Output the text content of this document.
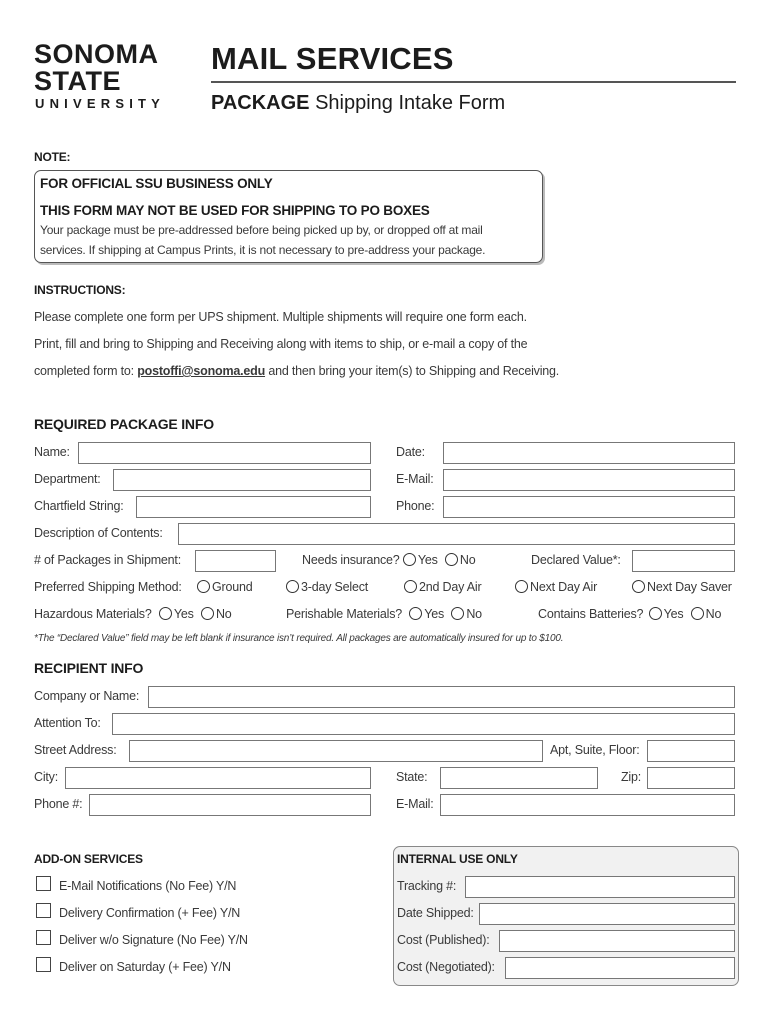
SONOMA
STATE
UNIVERSITY
MAIL SERVICES
PACKAGE Shipping Intake Form
NOTE:
FOR OFFICIAL SSU BUSINESS ONLY
THIS FORM MAY NOT BE USED FOR SHIPPING TO PO BOXES
Your package must be pre-addressed before being picked up by, or dropped off at mail
services. If shipping at Campus Prints, it is not necessary to pre-address your package.
INSTRUCTIONS:
Please complete one form per UPS shipment. Multiple shipments will require one form each.
Print, fill and bring to Shipping and Receiving along with items to ship, or e-mail a copy of the
completed form to: postoffi@sonoma.edu and then bring your item(s) to Shipping and Receiving.
REQUIRED PACKAGE INFO
Name:	Date:
Department:	E-Mail:
Chartfield String:	Phone:
Description of Contents:
# of Packages in Shipment:	Needs insurance? Yes No	Declared Value*:
Preferred Shipping Method:	Ground	3-day Select	2nd Day Air	Next Day Air	Next Day Saver
Hazardous Materials? Yes No	Perishable Materials? Yes No	Contains Batteries? Yes No
*The “Declared Value” field may be left blank if insurance isn’t required. All packages are automatically insured for up to $100.
RECIPIENT INFO
Company or Name:
Attention To:
Street Address:	Apt, Suite, Floor:
City:	State:	Zip:
Phone #:	E-Mail:
ADD-ON SERVICES
E-Mail Notifications (No Fee) Y/N
Delivery Confirmation (+ Fee) Y/N
Deliver w/o Signature (No Fee) Y/N
Deliver on Saturday (+ Fee) Y/N
INTERNAL USE ONLY
Tracking #:
Date Shipped:
Cost (Published):
Cost (Negotiated):
